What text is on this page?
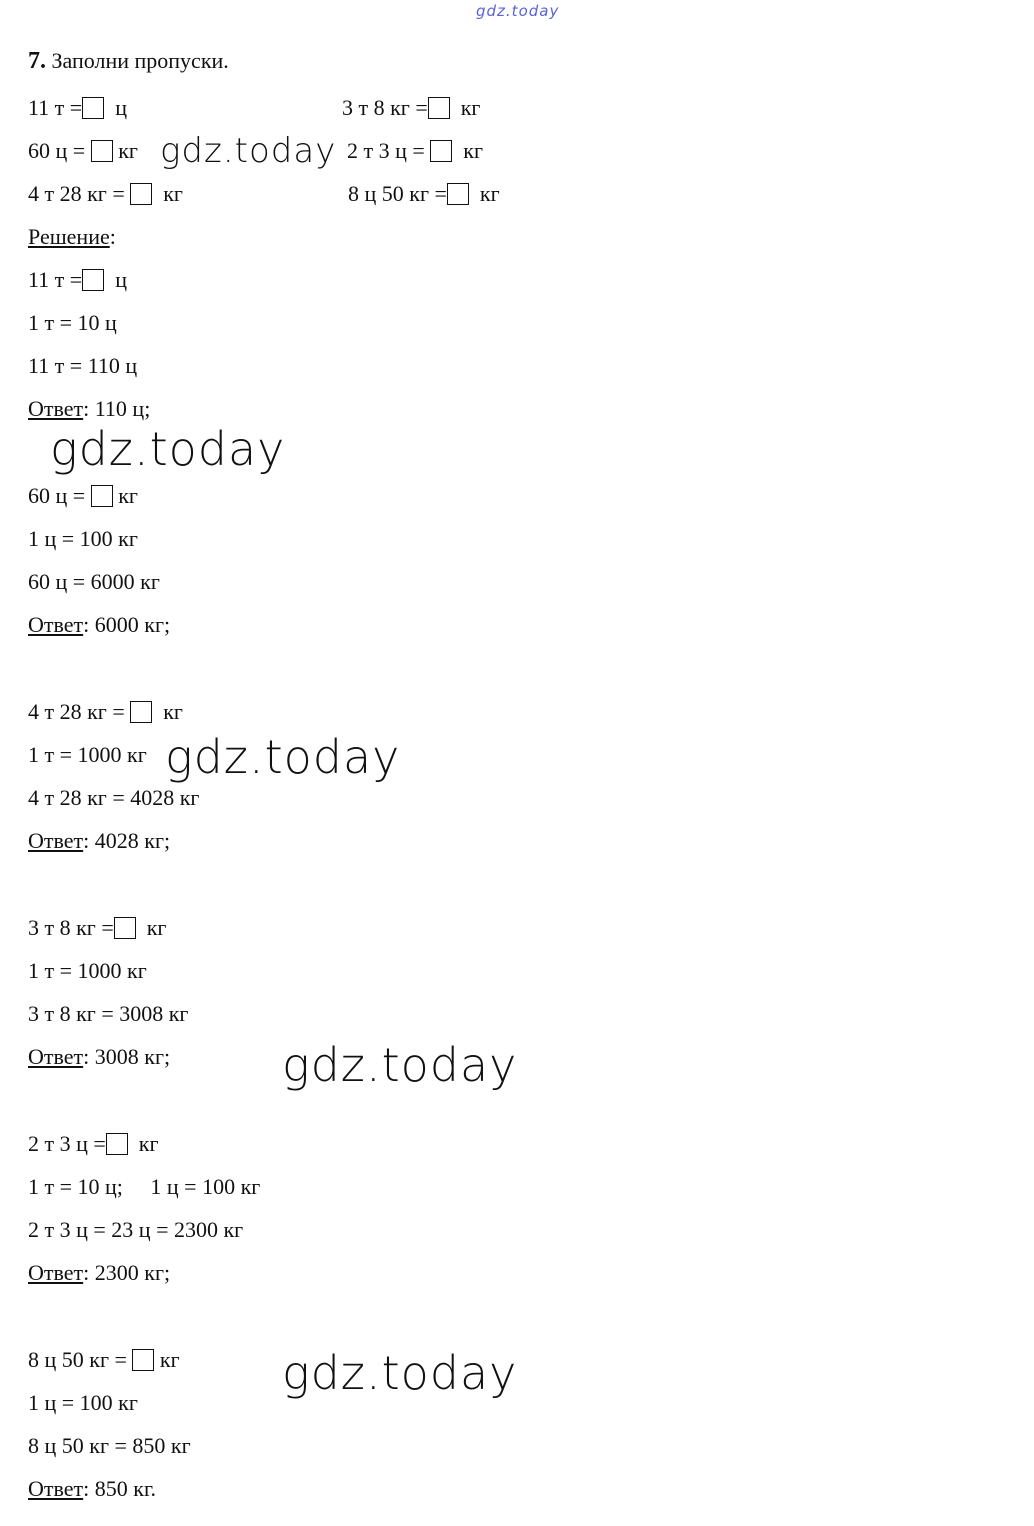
gdz.today
7. Заполни пропуски.
11 т = ц
60 ц = кг
4 т 28 кг = кг
3 т 8 кг = кг
2 т 3 ц = кг
8 ц 50 кг = кг
gdz.today
Решение:
11 т = ц
1 т = 10 ц
11 т = 110 ц
Ответ: 110 ц;
gdz.today
60 ц = кг
1 ц = 100 кг
60 ц = 6000 кг
Ответ: 6000 кг;
4 т 28 кг = кг
1 т = 1000 кг
4 т 28 кг = 4028 кг
Ответ: 4028 кг;
gdz.today
3 т 8 кг = кг
1 т = 1000 кг
3 т 8 кг = 3008 кг
Ответ: 3008 кг; gdz.today
2 т 3 ц = кг
1 т = 10 ц;     1 ц = 100 кг
2 т 3 ц = 23 ц = 2300 кг
Ответ: 2300 кг;
8 ц 50 кг = кг
1 ц = 100 кг
8 ц 50 кг = 850 кг
Ответ: 850 кг.
gdz.today
